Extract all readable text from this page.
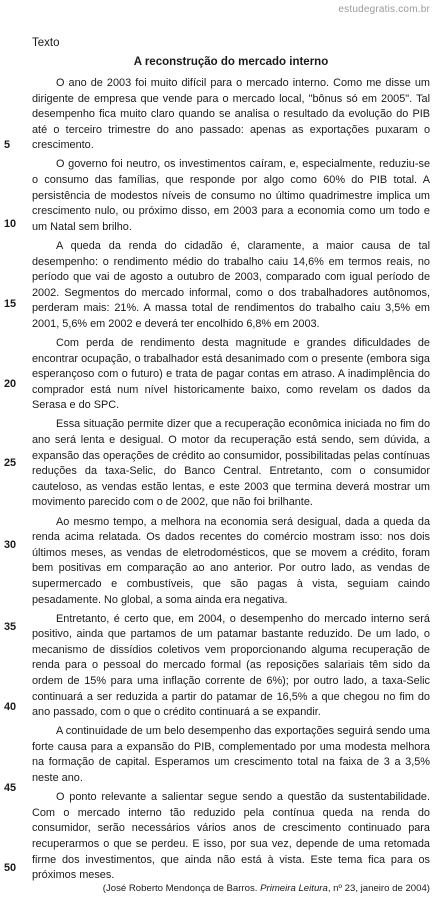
estudegratis.com.br
Texto
A reconstrução do mercado interno

O ano de 2003 foi muito difícil para o mercado interno. Como me disse um dirigente de empresa que vende para o mercado local, "bônus só em 2005". Tal desempenho fica muito claro quando se analisa o resultado da evolução do PIB até o terceiro trimestre do ano passado: apenas as exportações puxaram o crescimento.

O governo foi neutro, os investimentos caíram, e, especialmente, reduziu-se o consumo das famílias, que responde por algo como 60% do PIB total. A persistência de modestos níveis de consumo no último quadrimestre implica um crescimento nulo, ou próximo disso, em 2003 para a economia como um todo e um Natal sem brilho.

A queda da renda do cidadão é, claramente, a maior causa de tal desempenho: o rendimento médio do trabalho caiu 14,6% em termos reais, no período que vai de agosto a outubro de 2003, comparado com igual período de 2002. Segmentos do mercado informal, como o dos trabalhadores autônomos, perderam mais: 21%. A massa total de rendimentos do trabalho caiu 3,5% em 2001, 5,6% em 2002 e deverá ter encolhido 6,8% em 2003.

Com perda de rendimento desta magnitude e grandes dificuldades de encontrar ocupação, o trabalhador está desanimado com o presente (embora siga esperançoso com o futuro) e trata de pagar contas em atraso. A inadimplência do comprador está num nível historicamente baixo, como revelam os dados da Serasa e do SPC.

Essa situação permite dizer que a recuperação econômica iniciada no fim do ano será lenta e desigual. O motor da recuperação está sendo, sem dúvida, a expansão das operações de crédito ao consumidor, possibilitadas pelas contínuas reduções da taxa-Selic, do Banco Central. Entretanto, com o consumidor cauteloso, as vendas estão lentas, e este 2003 que termina deverá mostrar um movimento parecido com o de 2002, que não foi brilhante.

Ao mesmo tempo, a melhora na economia será desigual, dada a queda da renda acima relatada. Os dados recentes do comércio mostram isso: nos dois últimos meses, as vendas de eletrodomésticos, que se movem a crédito, foram bem positivas em comparação ao ano anterior. Por outro lado, as vendas de supermercado e combustíveis, que são pagas à vista, seguiam caindo pesadamente. No global, a soma ainda era negativa.

Entretanto, é certo que, em 2004, o desempenho do mercado interno será positivo, ainda que partamos de um patamar bastante reduzido. De um lado, o mecanismo de dissídios coletivos vem proporcionando alguma recuperação de renda para o pessoal do mercado formal (as reposições salariais têm sido da ordem de 15% para uma inflação corrente de 6%); por outro lado, a taxa-Selic continuará a ser reduzida a partir do patamar de 16,5% a que chegou no fim do ano passado, com o que o crédito continuará a se expandir.

A continuidade de um belo desempenho das exportações seguirá sendo uma forte causa para a expansão do PIB, complementado por uma modesta melhora na formação de capital. Esperamos um crescimento total na faixa de 3 a 3,5% neste ano.

O ponto relevante a salientar segue sendo a questão da sustentabilidade. Com o mercado interno tão reduzido pela contínua queda na renda do consumidor, serão necessários vários anos de crescimento continuado para recuperarmos o que se perdeu. E isso, por sua vez, depende de uma retomada firme dos investimentos, que ainda não está à vista. Este tema fica para os próximos meses.

5
10
15
20
25
30
35
40
45
50
(José Roberto Mendonça de Barros. Primeira Leitura, nº 23, janeiro de 2004)
